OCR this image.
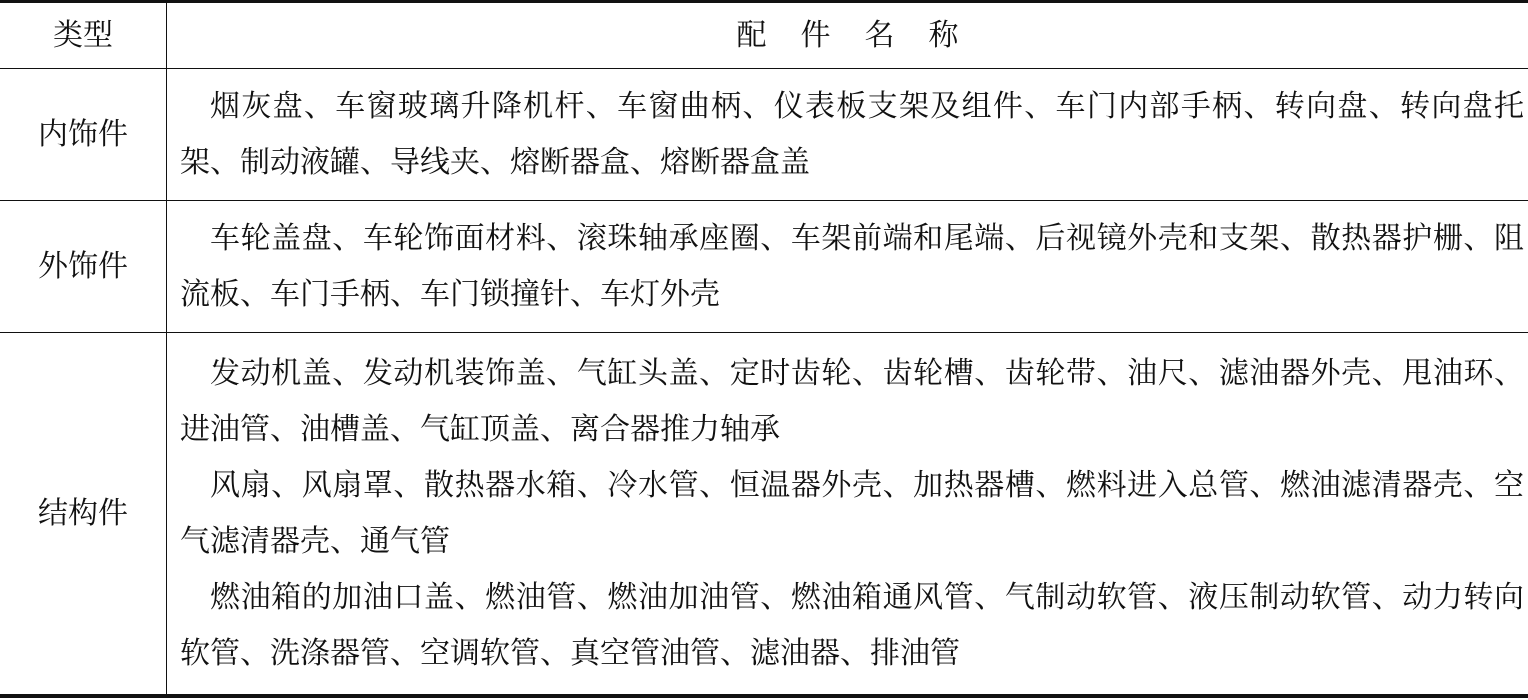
类型	配件名称
内饰件

烟灰盘、车窗玻璃升降机杆、车窗曲柄、仪表板支架及组件、车门内部手柄、转向盘、转向盘托架、制动液罐、导线夹、熔断器盒、熔断器盒盖

外饰件

车轮盖盘、车轮饰面材料、滚珠轴承座圈、车架前端和尾端、后视镜外壳和支架、散热器护栅、阻流板、车门手柄、车门锁撞针、车灯外壳

结构件

发动机盖、发动机装饰盖、气缸头盖、定时齿轮、齿轮槽、齿轮带、油尺、滤油器外壳、甩油环、进油管、油槽盖、气缸顶盖、离合器推力轴承

风扇、风扇罩、散热器水箱、冷水管、恒温器外壳、加热器槽、燃料进入总管、燃油滤清器壳、空气滤清器壳、通气管

燃油箱的加油口盖、燃油管、燃油加油管、燃油箱通风管、气制动软管、液压制动软管、动力转向软管、洗涤器管、空调软管、真空管油管、滤油器、排油管
